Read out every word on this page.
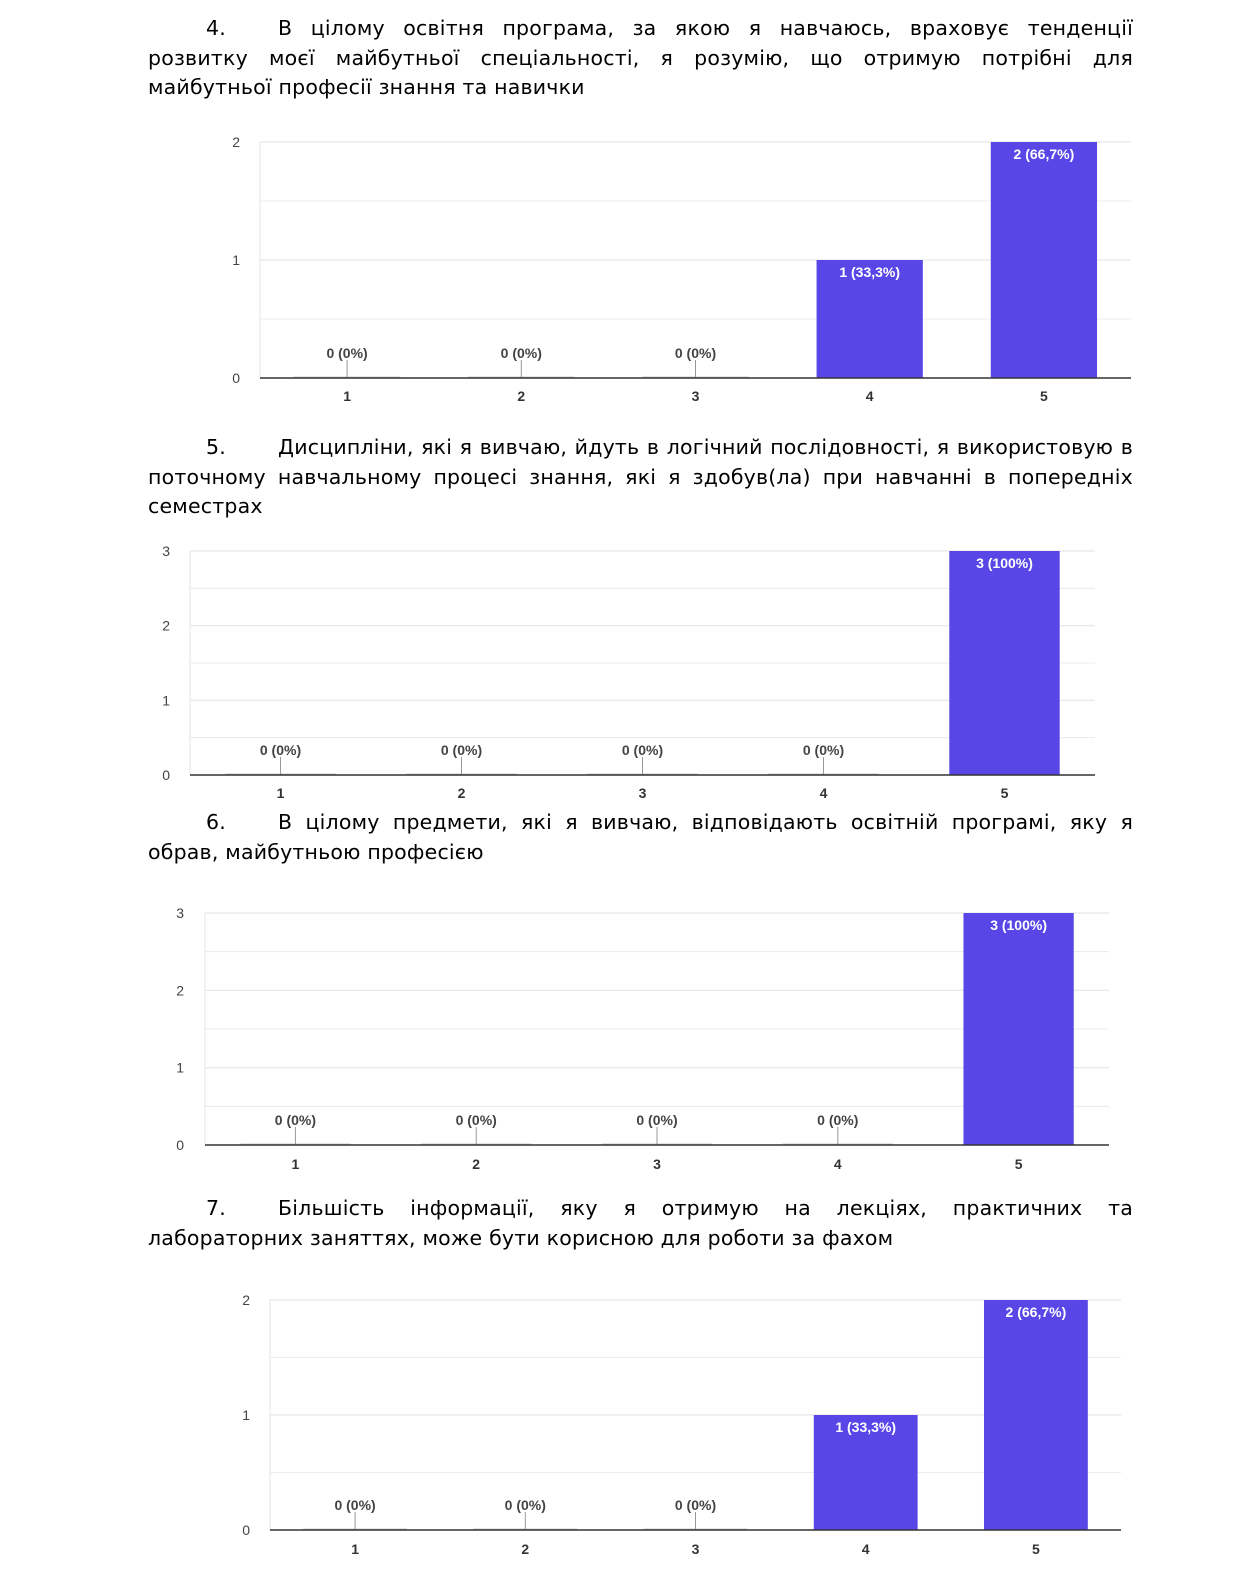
4.	В цілому освітня програма, за якою я навчаюсь, враховує тенденції розвитку моєї майбутньої спеціальності, я розумію, що отримую потрібні для майбутньої професії знання та навички
0
1
2
0 (0%)
1
0 (0%)
2
0 (0%)
3
1 (33,3%)
4
2 (66,7%)
5
5.	Дисципліни, які я вивчаю, йдуть в логічний послідовності, я використовую в поточному навчальному процесі знання, які я здобув(ла) при навчанні в попередніх семестрах
0
1
2
3
0 (0%)
1
0 (0%)
2
0 (0%)
3
0 (0%)
4
3 (100%)
5
6.	В цілому предмети, які я вивчаю, відповідають освітній програмі, яку я обрав, майбутньою професією
0
1
2
3
0 (0%)
1
0 (0%)
2
0 (0%)
3
0 (0%)
4
3 (100%)
5
7.	Більшість інформації, яку я отримую на лекціях, практичних та лабораторних заняттях, може бути корисною для роботи за фахом
0
1
2
0 (0%)
1
0 (0%)
2
0 (0%)
3
1 (33,3%)
4
2 (66,7%)
5
